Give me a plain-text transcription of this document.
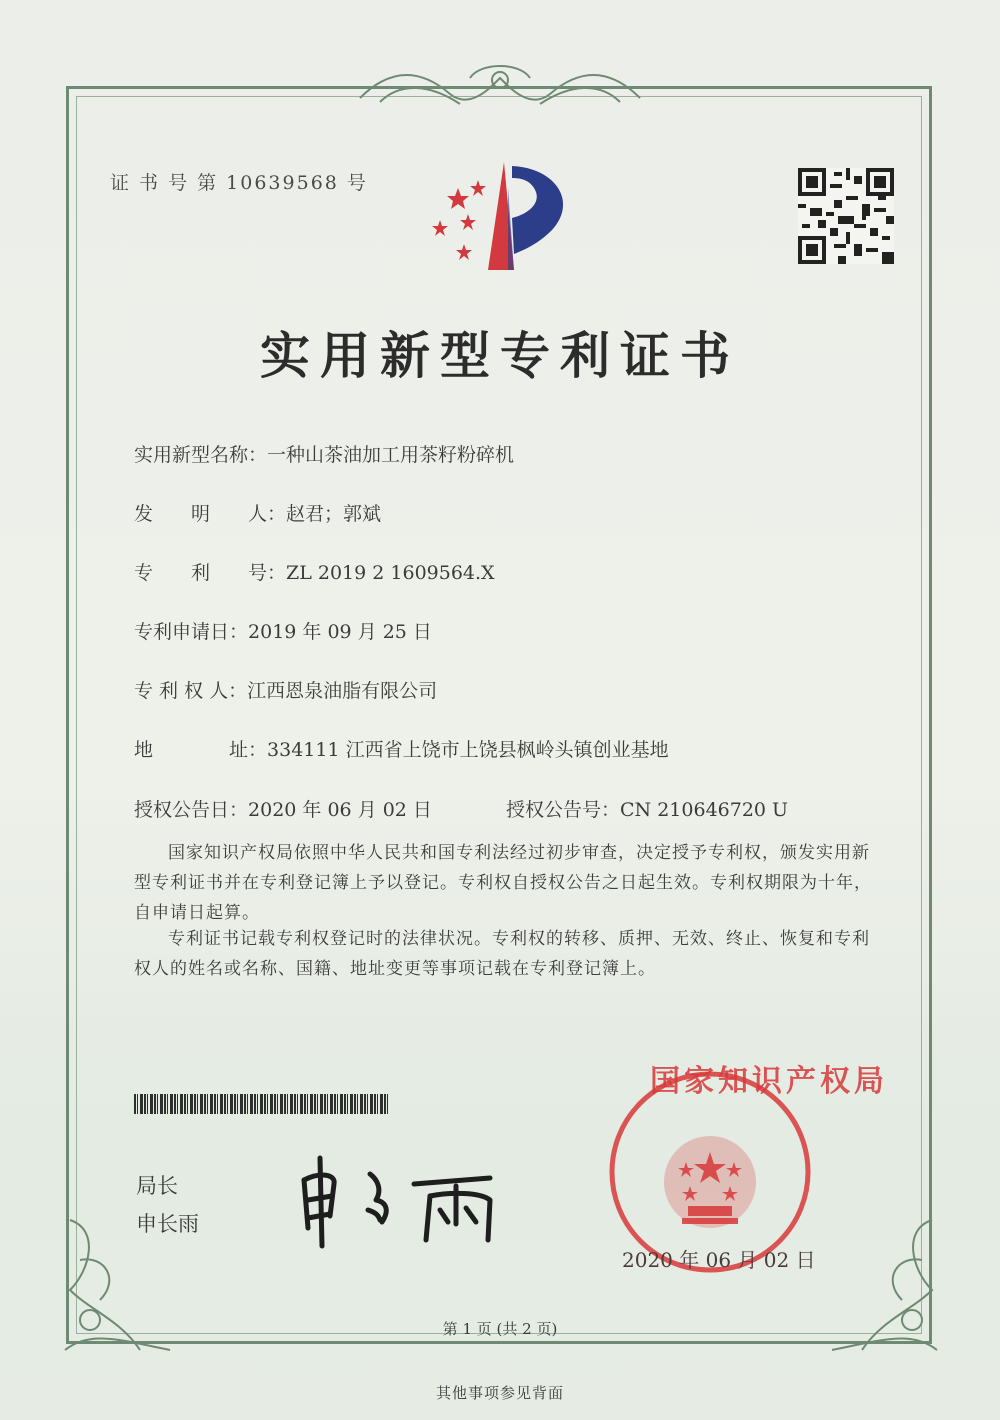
证 书 号 第 10639568 号
实用新型专利证书
实用新型名称：一种山茶油加工用茶籽粉碎机
发　　明　　人：赵君；郭斌
专　　利　　号：ZL 2019 2 1609564.X
专利申请日：2019 年 09 月 25 日
专 利 权 人：江西恩泉油脂有限公司
地　　　　址：334111 江西省上饶市上饶县枫岭头镇创业基地
授权公告日：2020 年 06 月 02 日	授权公告号：CN 210646720 U
国家知识产权局依照中华人民共和国专利法经过初步审查，决定授予专利权，颁发实用新型专利证书并在专利登记簿上予以登记。专利权自授权公告之日起生效。专利权期限为十年，自申请日起算。
专利证书记载专利权登记时的法律状况。专利权的转移、质押、无效、终止、恢复和专利权人的姓名或名称、国籍、地址变更等事项记载在专利登记簿上。
局长
申长雨
国家知识产权局
2020 年 06 月 02 日
第 1 页 (共 2 页)
其他事项参见背面
